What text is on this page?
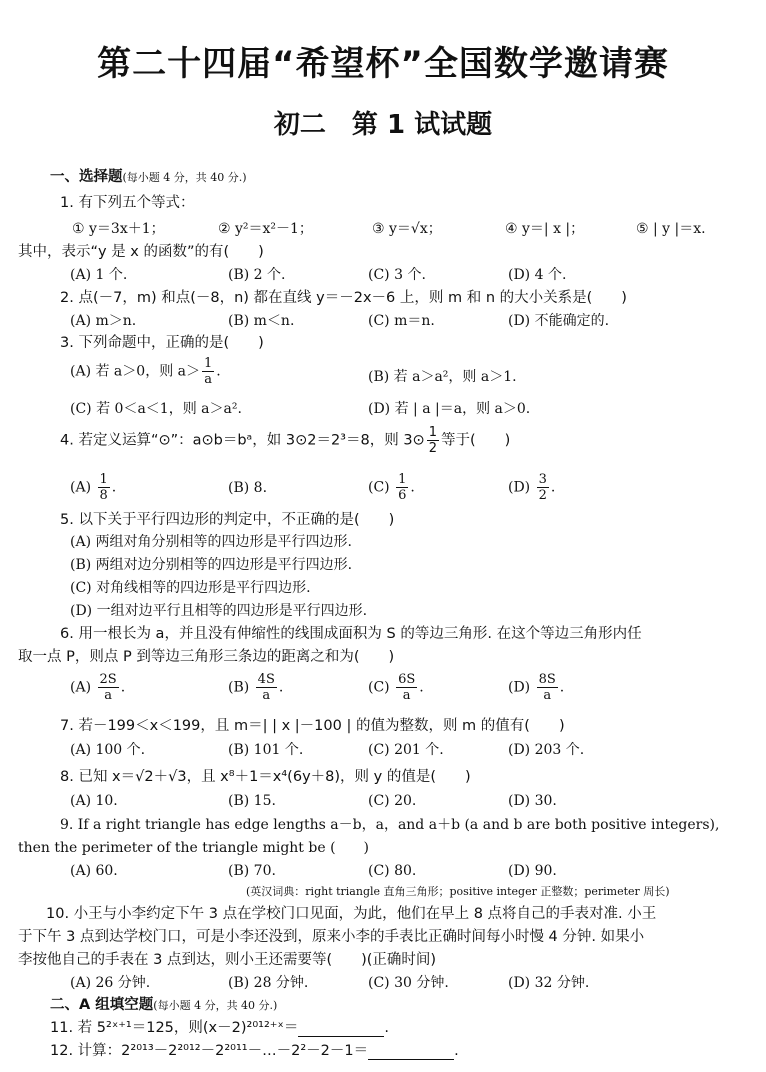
第二十四届“希望杯”全国数学邀请赛
初二　第 1 试试题
一、选择题(每小题 4 分，共 40 分.)
1. 有下列五个等式：
① y＝3x＋1；	② y²＝x²－1；	③ y＝√x；	④ y＝| x |；	⑤ | y |＝x.
其中，表示“y 是 x 的函数”的有(　　)
(A) 1 个.	(B) 2 个.	(C) 3 个.	(D) 4 个.
2. 点(－7，m) 和点(－8，n) 都在直线 y＝－2x－6 上，则 m 和 n 的大小关系是(　　)
(A) m＞n.	(B) m＜n.	(C) m＝n.	(D) 不能确定的.
3. 下列命题中，正确的是(　　)
(A) 若 a＞0，则 $a> \frac{1}{a}$ .	(B) 若 a＞a²，则 a＞1.
(C) 若 0＜a＜1，则 a＞a².	(D) 若 | a |＝a，则 a＞0.
4. 若定义运算“⊙”：a⊙b＝bᵃ，如 3⊙2＝2³＝8，则 3⊙ $\frac{1}{2}$ 等于(　　)
$(A) \frac{1}{8}$ .	(B) 8.	$(C) \frac{1}{6}$ .	$(D) \frac{3}{2}$ .
5. 以下关于平行四边形的判定中，不正确的是(　　)
(A) 两组对角分别相等的四边形是平行四边形.
(B) 两组对边分别相等的四边形是平行四边形.
(C) 对角线相等的四边形是平行四边形.
(D) 一组对边平行且相等的四边形是平行四边形.
6. 用一根长为 a，并且没有伸缩性的线围成面积为 S 的等边三角形. 在这个等边三角形内任
取一点 P，则点 P 到等边三角形三条边的距离之和为(　　)
$(A) \frac{2S}{a}$ .	$(B) \frac{4S}{a}$ .	$(C) \frac{6S}{a}$ .	$(D) \frac{8S}{a}$ .
7. 若－199＜x＜199，且 m＝| | x |－100 | 的值为整数，则 m 的值有(　　)
(A) 100 个.	(B) 101 个.	(C) 201 个.	(D) 203 个.
8. 已知 x＝√2＋√3，且 x⁸＋1＝x⁴(6y＋8)，则 y 的值是(　　)
(A) 10.	(B) 15.	(C) 20.	(D) 30.
9. If a right triangle has edge lengths a－b，a，and a＋b (a and b are both positive integers),
then the perimeter of the triangle might be (　　)
(A) 60.	(B) 70.	(C) 80.	(D) 90.
(英汉词典：right triangle 直角三角形；positive integer 正整数；perimeter 周长)
10. 小王与小李约定下午 3 点在学校门口见面，为此，他们在早上 8 点将自己的手表对准. 小王
于下午 3 点到达学校门口，可是小李还没到，原来小李的手表比正确时间每小时慢 4 分钟. 如果小
李按他自己的手表在 3 点到达，则小王还需要等(　　)(正确时间)
(A) 26 分钟.	(B) 28 分钟.	(C) 30 分钟.	(D) 32 分钟.
二、A 组填空题(每小题 4 分，共 40 分.)
11. 若 5²ˣ⁺¹＝125，则(x－2)²⁰¹²⁺ˣ＝	.
12. 计算：2²⁰¹³－2²⁰¹²－2²⁰¹¹－…－2²－2－1＝	.
